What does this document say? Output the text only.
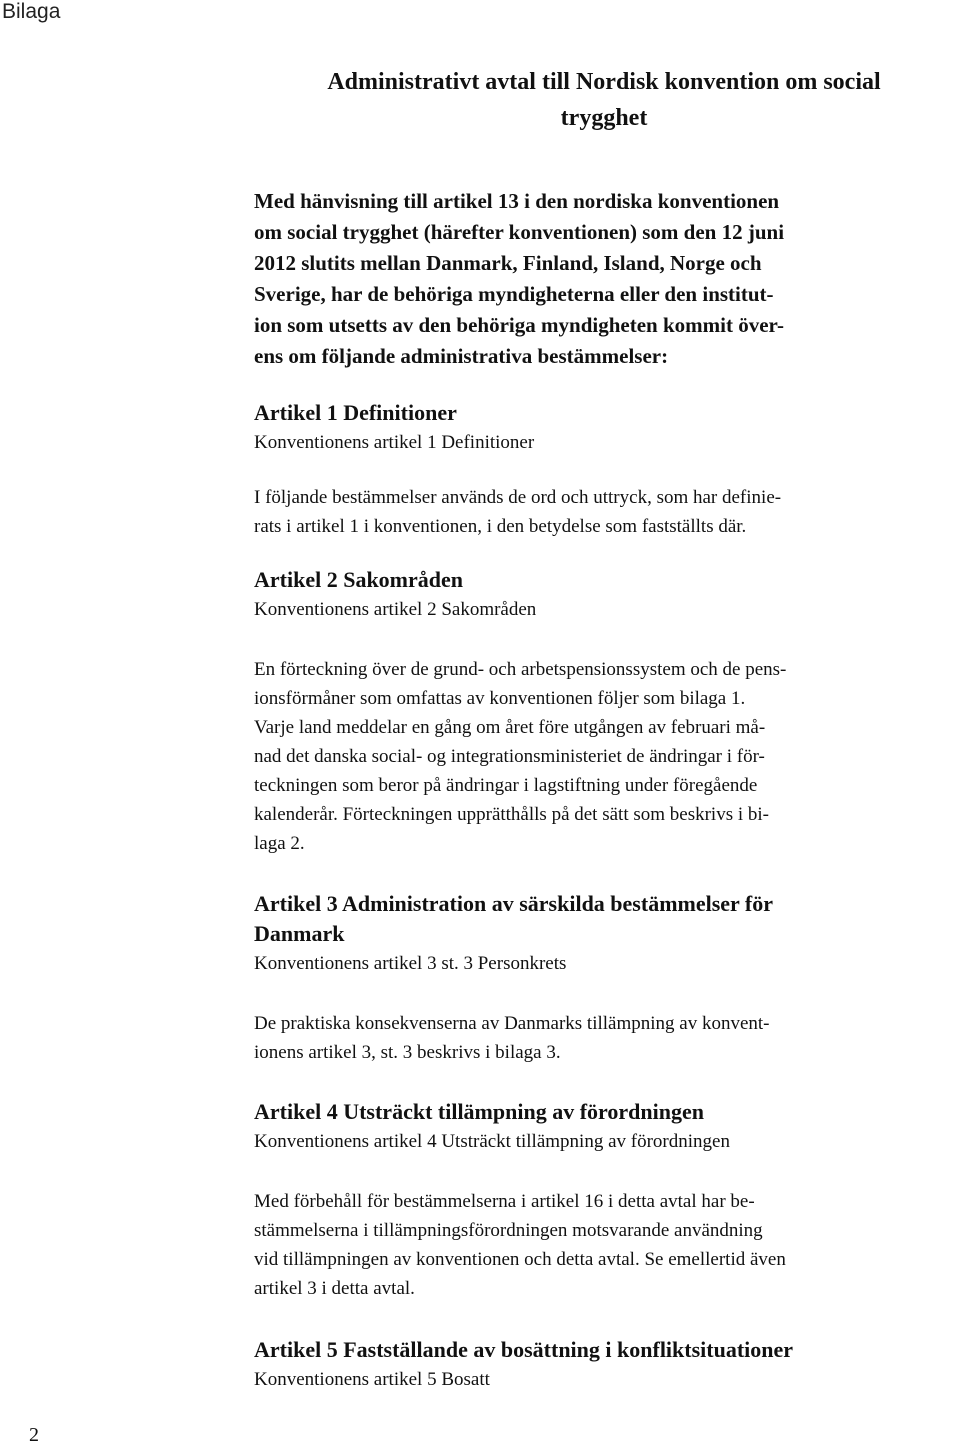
Bilaga
Administrativt avtal till Nordisk konvention om social
trygghet
Med hänvisning till artikel 13 i den nordiska konventionen
om social trygghet (härefter konventionen) som den 12 juni
2012 slutits mellan Danmark, Finland, Island, Norge och
Sverige, har de behöriga myndigheterna eller den institut-
ion som utsetts av den behöriga myndigheten kommit över-
ens om följande administrativa bestämmelser:
Artikel 1 Definitioner
Konventionens artikel 1 Definitioner
I följande bestämmelser används de ord och uttryck, som har definie-
rats i artikel 1 i konventionen, i den betydelse som fastställts där.
Artikel 2 Sakområden
Konventionens artikel 2 Sakområden
En förteckning över de grund- och arbetspensionssystem och de pens-
ionsförmåner som omfattas av konventionen följer som bilaga 1.
Varje land meddelar en gång om året före utgången av februari må-
nad det danska social- og integrationsministeriet de ändringar i för-
teckningen som beror på ändringar i lagstiftning under föregående
kalenderår. Förteckningen upprätthålls på det sätt som beskrivs i bi-
laga 2.
Artikel 3 Administration av särskilda bestämmelser för
Danmark
Konventionens artikel 3 st. 3 Personkrets
De praktiska konsekvenserna av Danmarks tillämpning av konvent-
ionens artikel 3, st. 3 beskrivs i bilaga 3.
Artikel 4 Utsträckt tillämpning av förordningen
Konventionens artikel 4 Utsträckt tillämpning av förordningen
Med förbehåll för bestämmelserna i artikel 16 i detta avtal har be-
stämmelserna i tillämpningsförordningen motsvarande användning
vid tillämpningen av konventionen och detta avtal. Se emellertid även
artikel 3 i detta avtal.
Artikel 5 Fastställande av bosättning i konfliktsituationer
Konventionens artikel 5 Bosatt
2
